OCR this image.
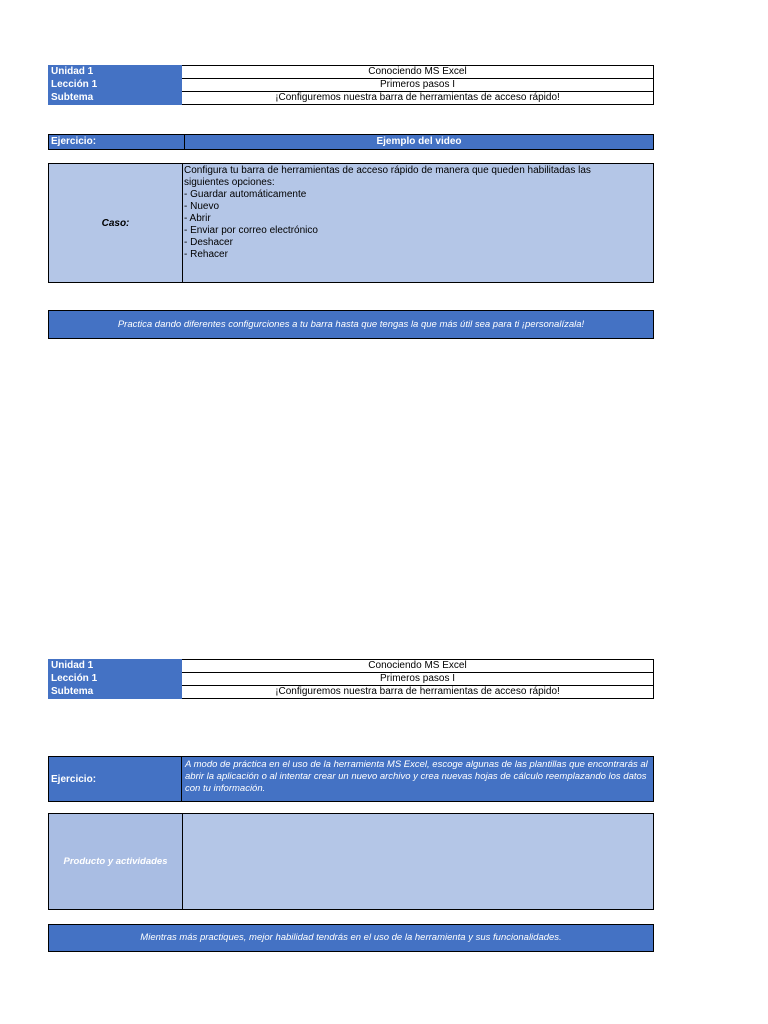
Unidad 1	Conociendo MS Excel
Lección 1	Primeros pasos I
Subtema	¡Configuremos nuestra barra de herramientas de acceso rápido!
Ejercicio:	Ejemplo del video
Caso:
Configura tu barra de herramientas de acceso rápido de manera que queden habilitadas las
siguientes opciones:
- Guardar automáticamente
- Nuevo
- Abrir
- Enviar por correo electrónico
- Deshacer
- Rehacer
Practica dando diferentes configurciones a tu barra hasta que tengas la que más útil sea para ti ¡personalízala!
Unidad 1	Conociendo MS Excel
Lección 1	Primeros pasos I
Subtema	¡Configuremos nuestra barra de herramientas de acceso rápido!
Ejercicio:
A modo de práctica en el uso de la herramienta MS Excel, escoge algunas de las plantillas que encontrarás al abrir la aplicación o al intentar crear un nuevo archivo y crea nuevas hojas de cálculo reemplazando los datos con tu información.
Producto y actividades
Mientras más practiques, mejor habilidad tendrás en el uso de la herramienta y sus funcionalidades.
